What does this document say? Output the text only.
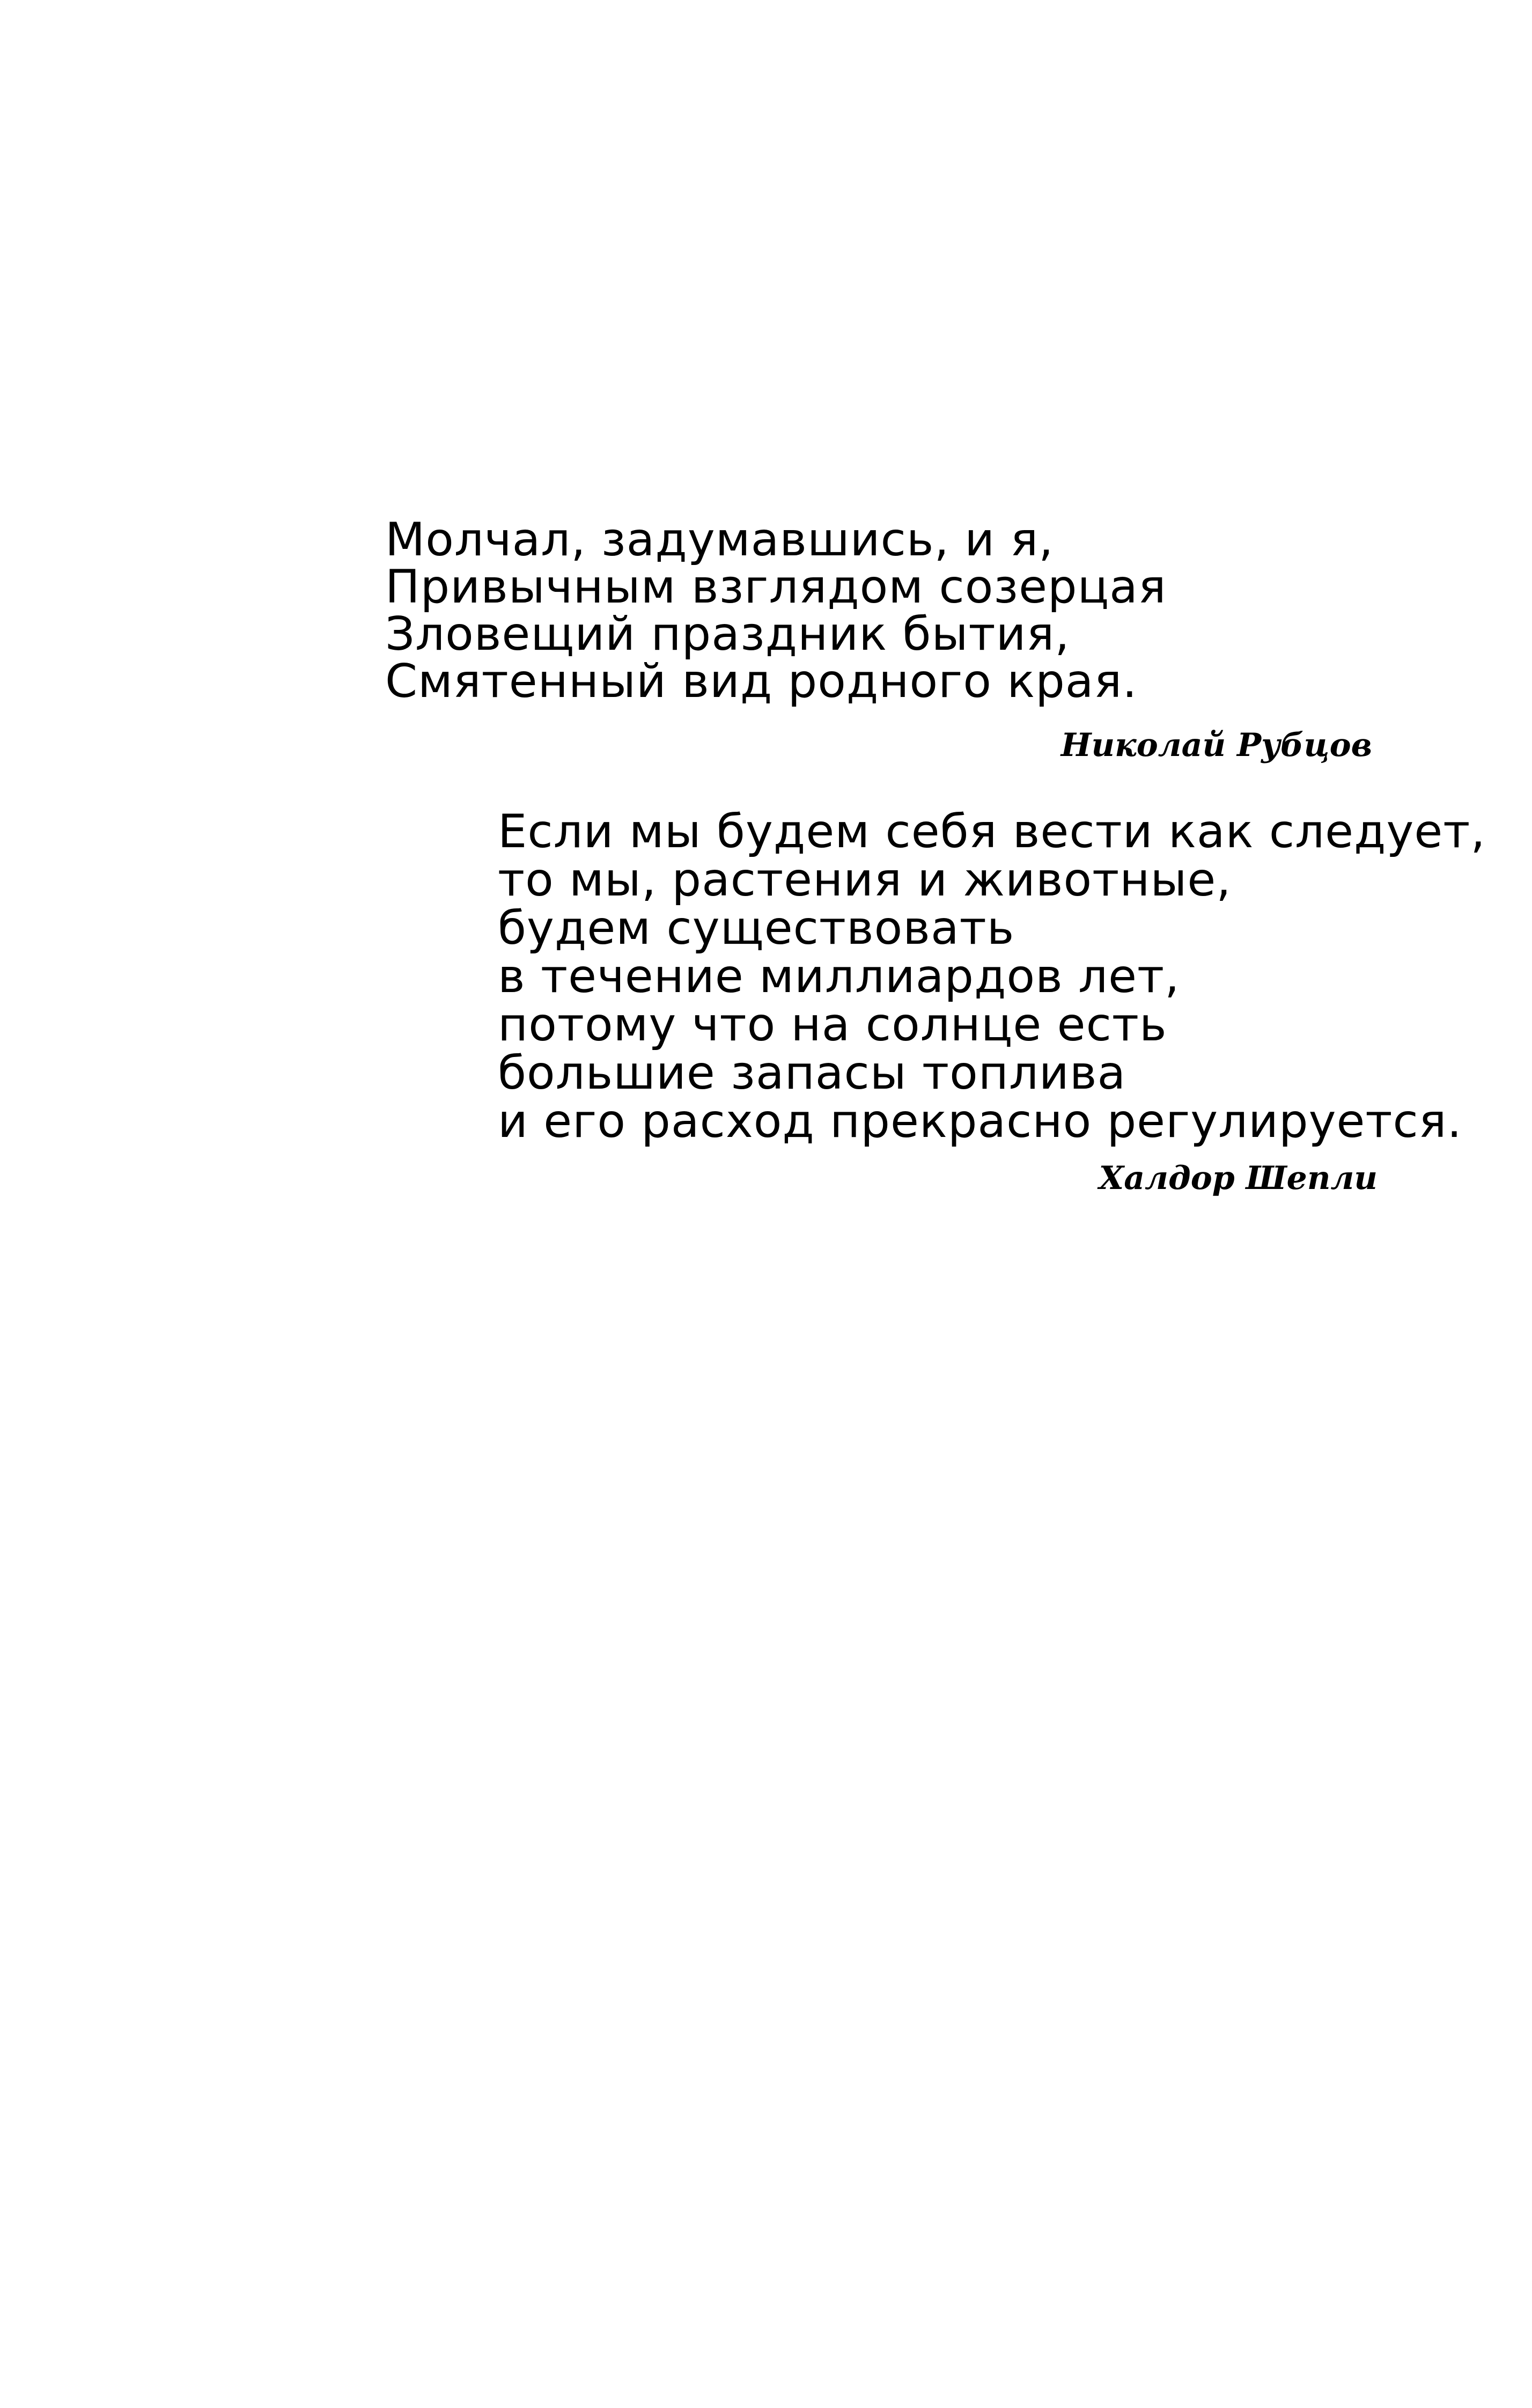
Молчал, задумавшись, и я,
Привычным взглядом созерцая
Зловещий праздник бытия,
Смятенный вид родного края.
Николай Рубцов
Если мы будем себя вести как следует,
то мы, растения и животные,
будем существовать
в течение миллиардов лет,
потому что на солнце есть
большие запасы топлива
и его расход прекрасно регулируется.
Халдор Шепли
